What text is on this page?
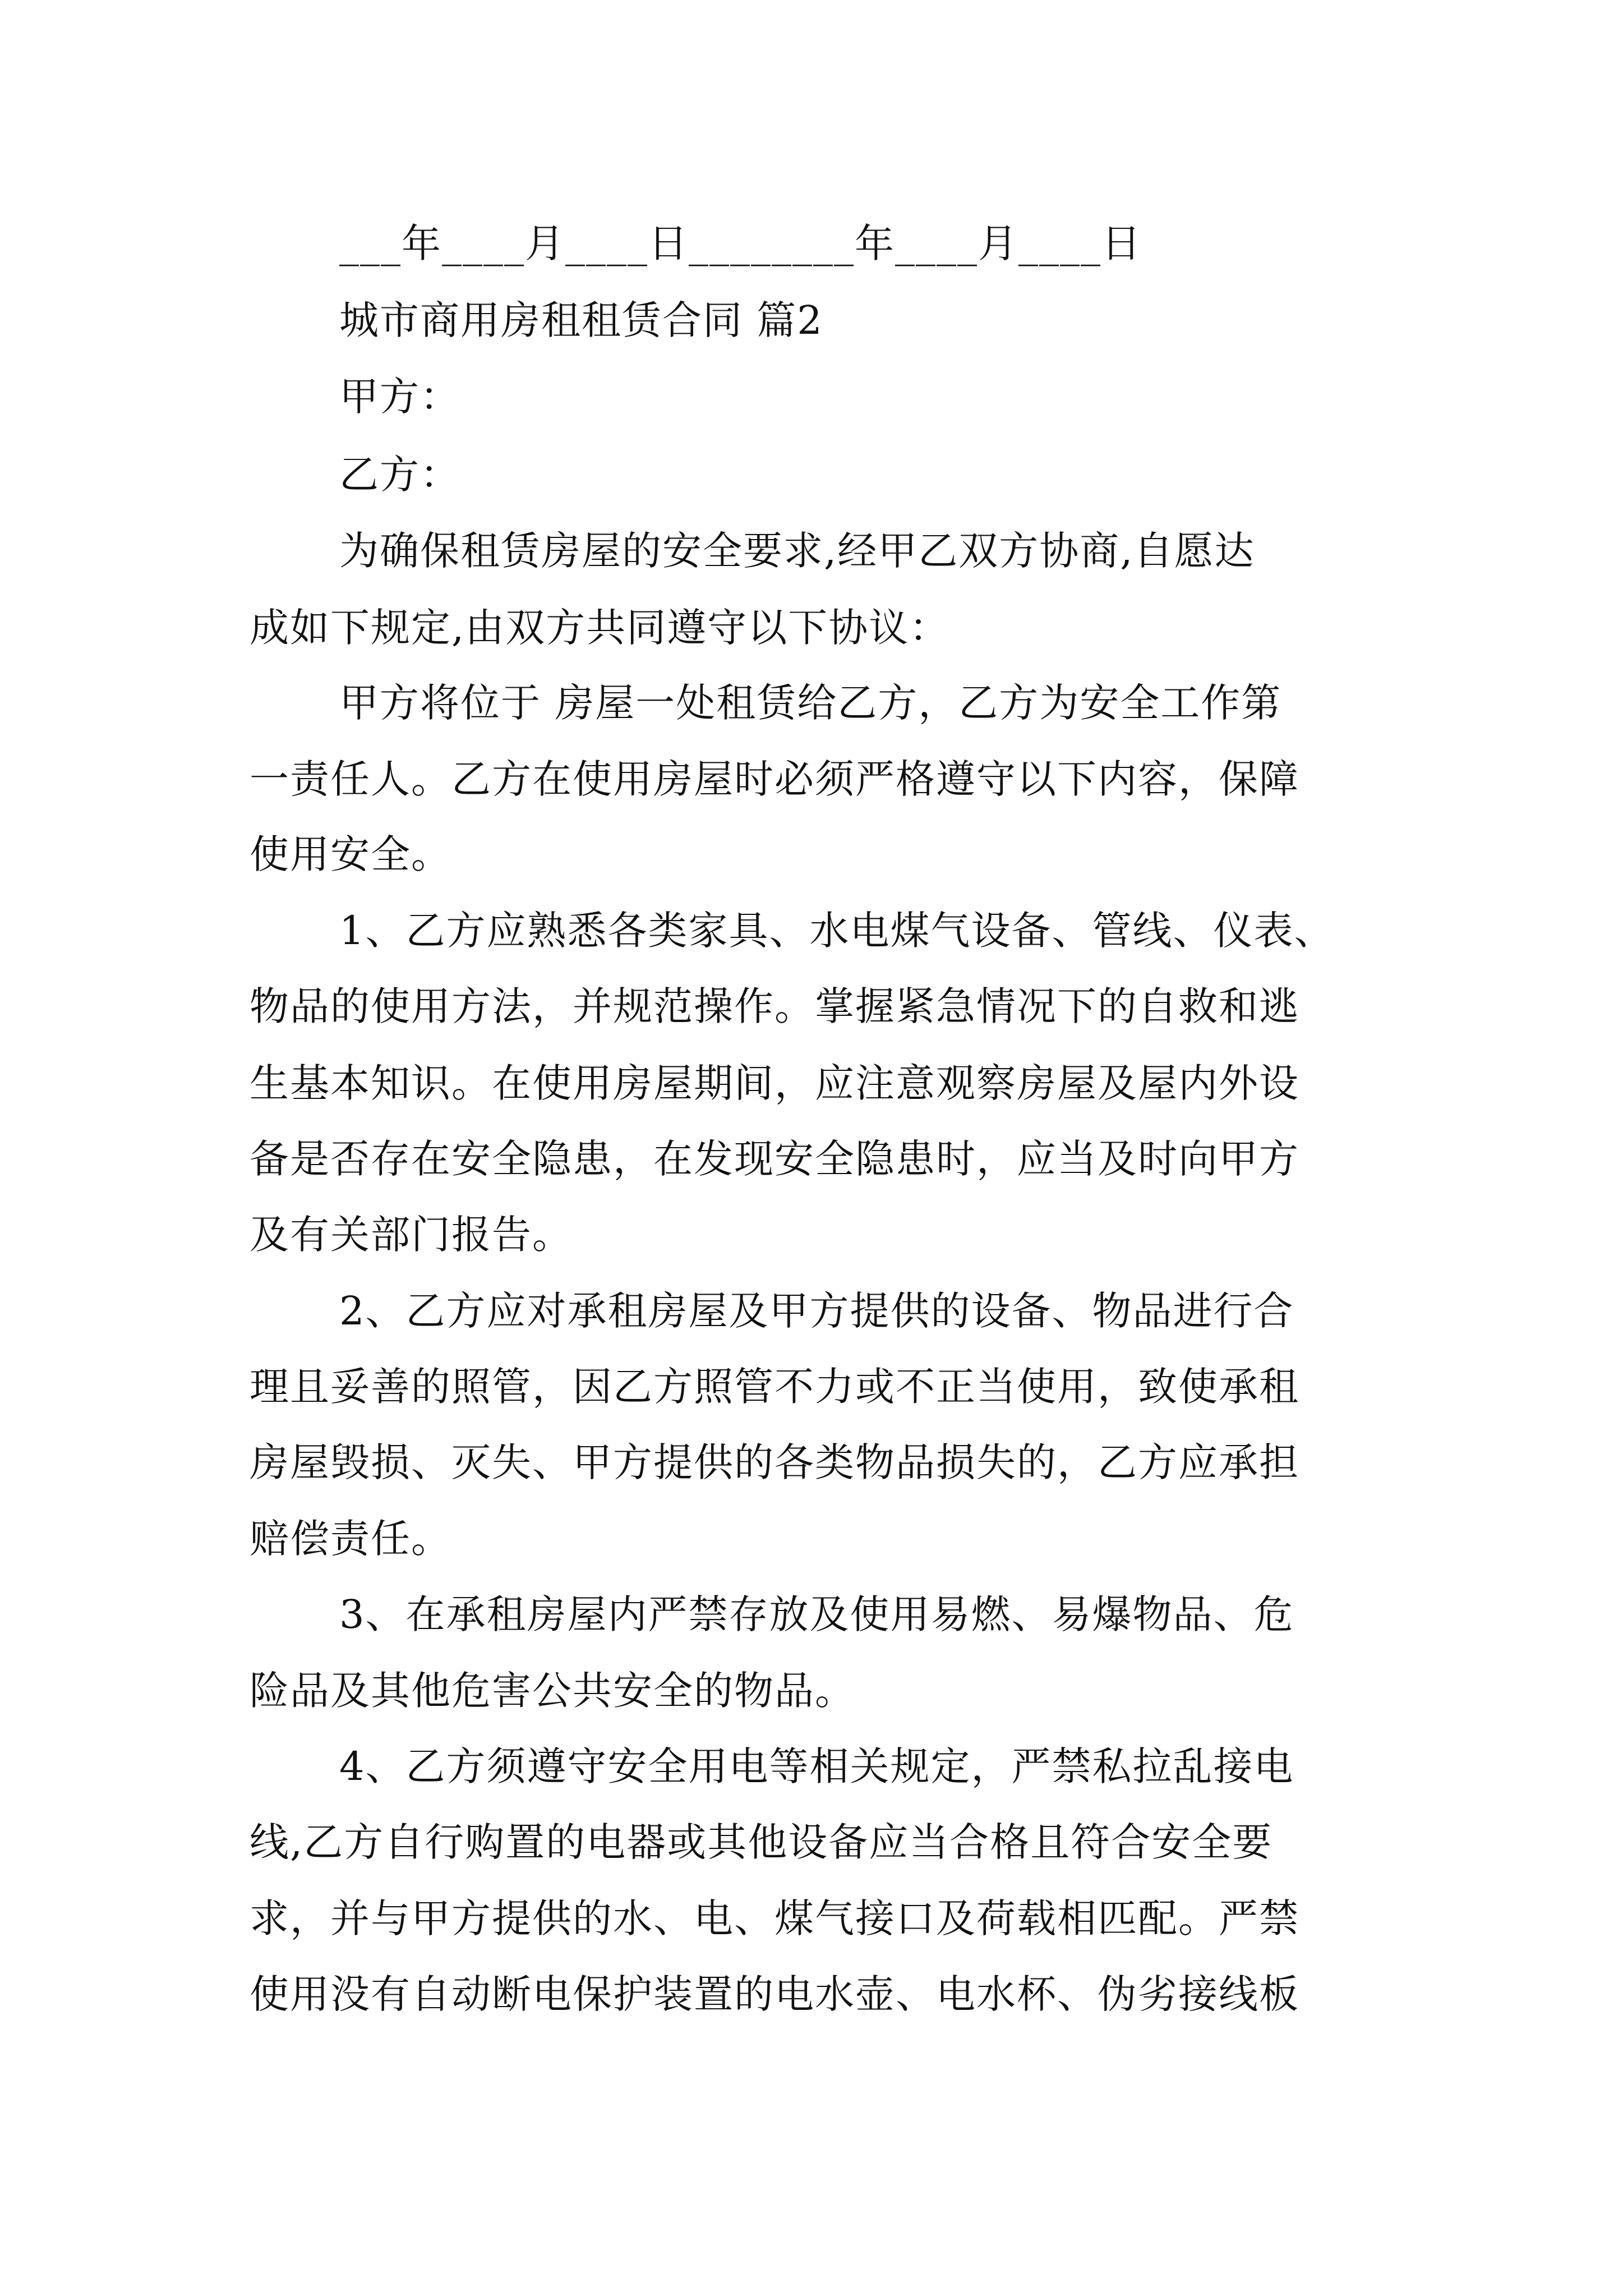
___年____月____日________年____月____日
城市商用房租租赁合同 篇2
甲方：
乙方：
为确保租赁房屋的安全要求,经甲乙双方协商,自愿达
成如下规定,由双方共同遵守以下协议：
甲方将位于 房屋一处租赁给乙方，乙方为安全工作第
一责任人。乙方在使用房屋时必须严格遵守以下内容，保障
使用安全。
1、乙方应熟悉各类家具、水电煤气设备、管线、仪表、
物品的使用方法，并规范操作。掌握紧急情况下的自救和逃
生基本知识。在使用房屋期间，应注意观察房屋及屋内外设
备是否存在安全隐患，在发现安全隐患时，应当及时向甲方
及有关部门报告。
2、乙方应对承租房屋及甲方提供的设备、物品进行合
理且妥善的照管，因乙方照管不力或不正当使用，致使承租
房屋毁损、灭失、甲方提供的各类物品损失的，乙方应承担
赔偿责任。
3、在承租房屋内严禁存放及使用易燃、易爆物品、危
险品及其他危害公共安全的物品。
4、乙方须遵守安全用电等相关规定，严禁私拉乱接电
线,乙方自行购置的电器或其他设备应当合格且符合安全要
求，并与甲方提供的水、电、煤气接口及荷载相匹配。严禁
使用没有自动断电保护装置的电水壶、电水杯、伪劣接线板
